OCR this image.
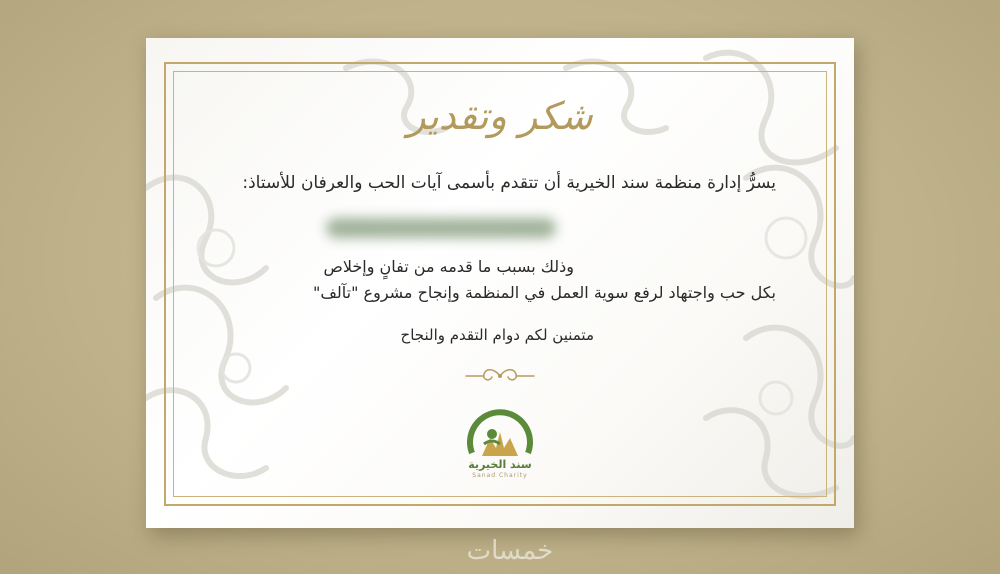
شكر وتقدير
يسرُّ إدارة منظمة سند الخيرية أن تتقدم بأسمى آيات الحب والعرفان للأستاذ:
وذلك بسبب ما قدمه من تفانٍ وإخلاص
بكل حب واجتهاد لرفع سوية العمل في المنظمة وإنجاح مشروع "تآلف"
متمنين لكم دوام التقدم والنجاح
سند الخيرية
Sanad Charity
خمسات
